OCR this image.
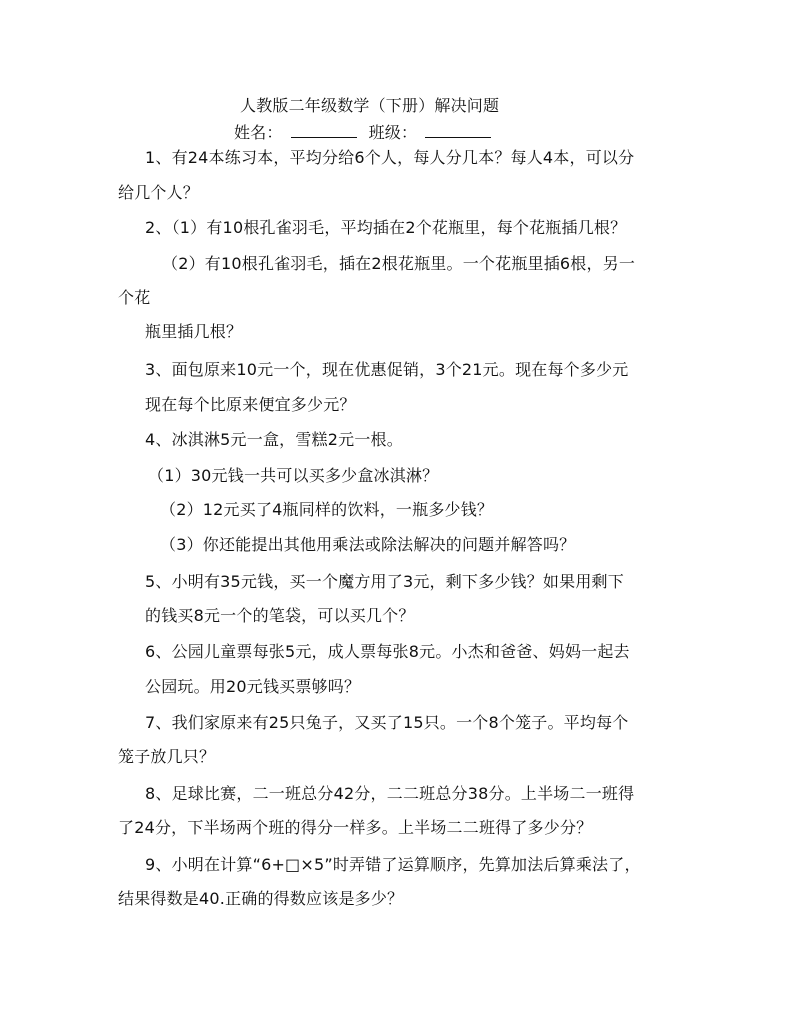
人教版二年级数学（下册）解决问题
姓名：	班级：
1、有24本练习本，平均分给6个人，每人分几本？每人4本，可以分
给几个人？
2、（1）有10根孔雀羽毛，平均插在2个花瓶里，每个花瓶插几根？
（2）有10根孔雀羽毛，插在2根花瓶里。一个花瓶里插6根，另一
个花
瓶里插几根？
3、面包原来10元一个，现在优惠促销，3个21元。现在每个多少元
现在每个比原来便宜多少元？
4、冰淇淋5元一盒，雪糕2元一根。
（1）30元钱一共可以买多少盒冰淇淋？
（2）12元买了4瓶同样的饮料，一瓶多少钱？
（3）你还能提出其他用乘法或除法解决的问题并解答吗？
5、小明有35元钱，买一个魔方用了3元，剩下多少钱？如果用剩下
的钱买8元一个的笔袋，可以买几个？
6、公园儿童票每张5元，成人票每张8元。小杰和爸爸、妈妈一起去
公园玩。用20元钱买票够吗？
7、我们家原来有25只兔子，又买了15只。一个8个笼子。平均每个
笼子放几只？
8、足球比赛，二一班总分42分，二二班总分38分。上半场二一班得
了24分，下半场两个班的得分一样多。上半场二二班得了多少分？
9、小明在计算“6+□×5”时弄错了运算顺序，先算加法后算乘法了，
结果得数是40.正确的得数应该是多少？
